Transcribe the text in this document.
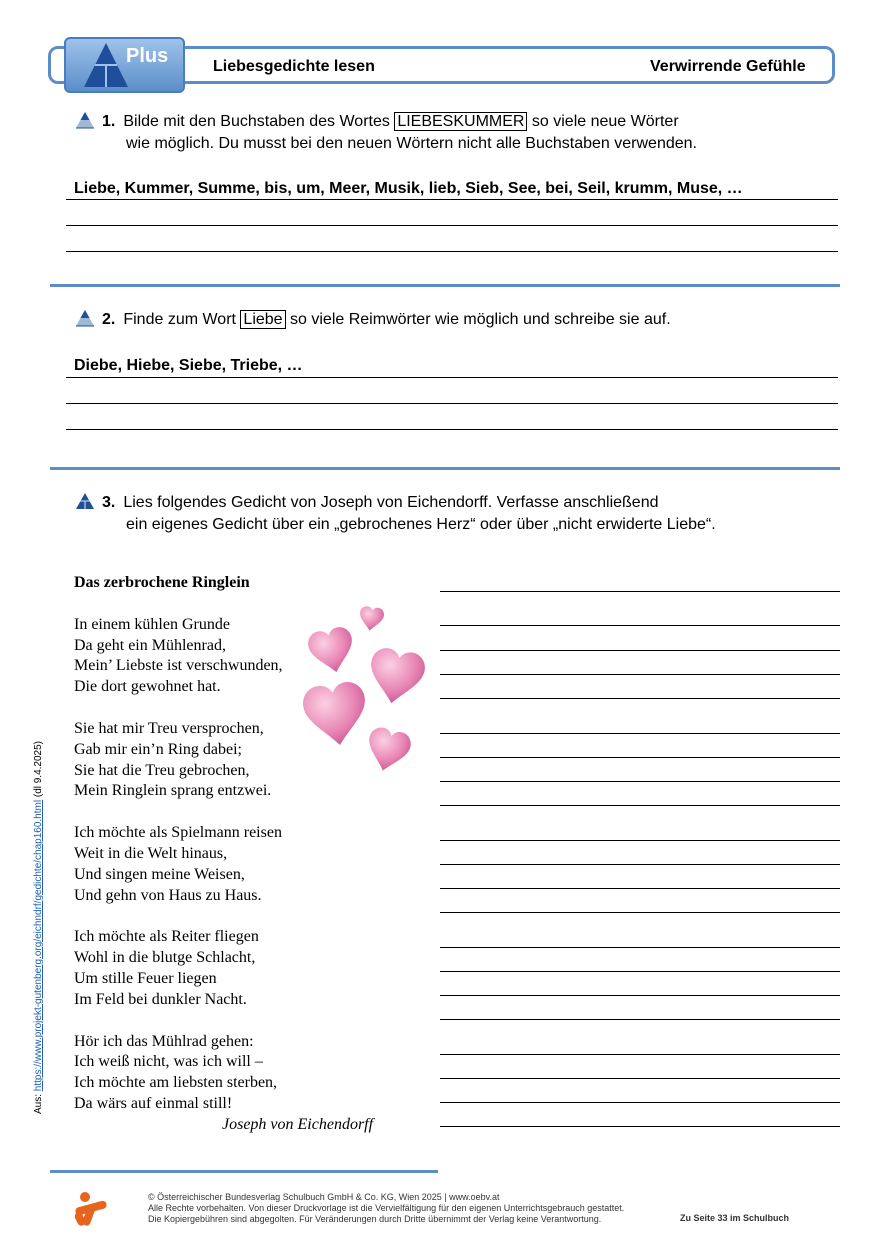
Plus	Liebesgedichte lesen	Verwirrende Gefühle
1. Bilde mit den Buchstaben des Wortes LIEBESKUMMER so viele neue Wörter
wie möglich. Du musst bei den neuen Wörtern nicht alle Buchstaben verwenden.
Liebe, Kummer, Summe, bis, um, Meer, Musik, lieb, Sieb, See, bei, Seil, krumm, Muse, …
2. Finde zum Wort Liebe so viele Reimwörter wie möglich und schreibe sie auf.
Diebe, Hiebe, Siebe, Triebe, …
3. Lies folgendes Gedicht von Joseph von Eichendorff. Verfasse anschließend
ein eigenes Gedicht über ein „gebrochenes Herz“ oder über „nicht erwiderte Liebe“.
Das zerbrochene Ringlein
In einem kühlen Grunde
Da geht ein Mühlenrad,
Mein’ Liebste ist verschwunden,
Die dort gewohnet hat.
Sie hat mir Treu versprochen,
Gab mir ein’n Ring dabei;
Sie hat die Treu gebrochen,
Mein Ringlein sprang entzwei.
Ich möchte als Spielmann reisen
Weit in die Welt hinaus,
Und singen meine Weisen,
Und gehn von Haus zu Haus.
Ich möchte als Reiter fliegen
Wohl in die blutge Schlacht,
Um stille Feuer liegen
Im Feld bei dunkler Nacht.
Hör ich das Mühlrad gehen:
Ich weiß nicht, was ich will –
Ich möchte am liebsten sterben,
Da wärs auf einmal still!
Joseph von Eichendorff
Aus: https://www.projekt-gutenberg.org/eichndrf/gedichte/chap160.html (dl 9.4.2025)
© Österreichischer Bundesverlag Schulbuch GmbH & Co. KG, Wien 2025 | www.oebv.at
Alle Rechte vorbehalten. Von dieser Druckvorlage ist die Vervielfältigung für den eigenen Unterrichtsgebrauch gestattet.
Die Kopiergebühren sind abgegolten. Für Veränderungen durch Dritte übernimmt der Verlag keine Verantwortung.	Zu Seite 33 im Schulbuch
